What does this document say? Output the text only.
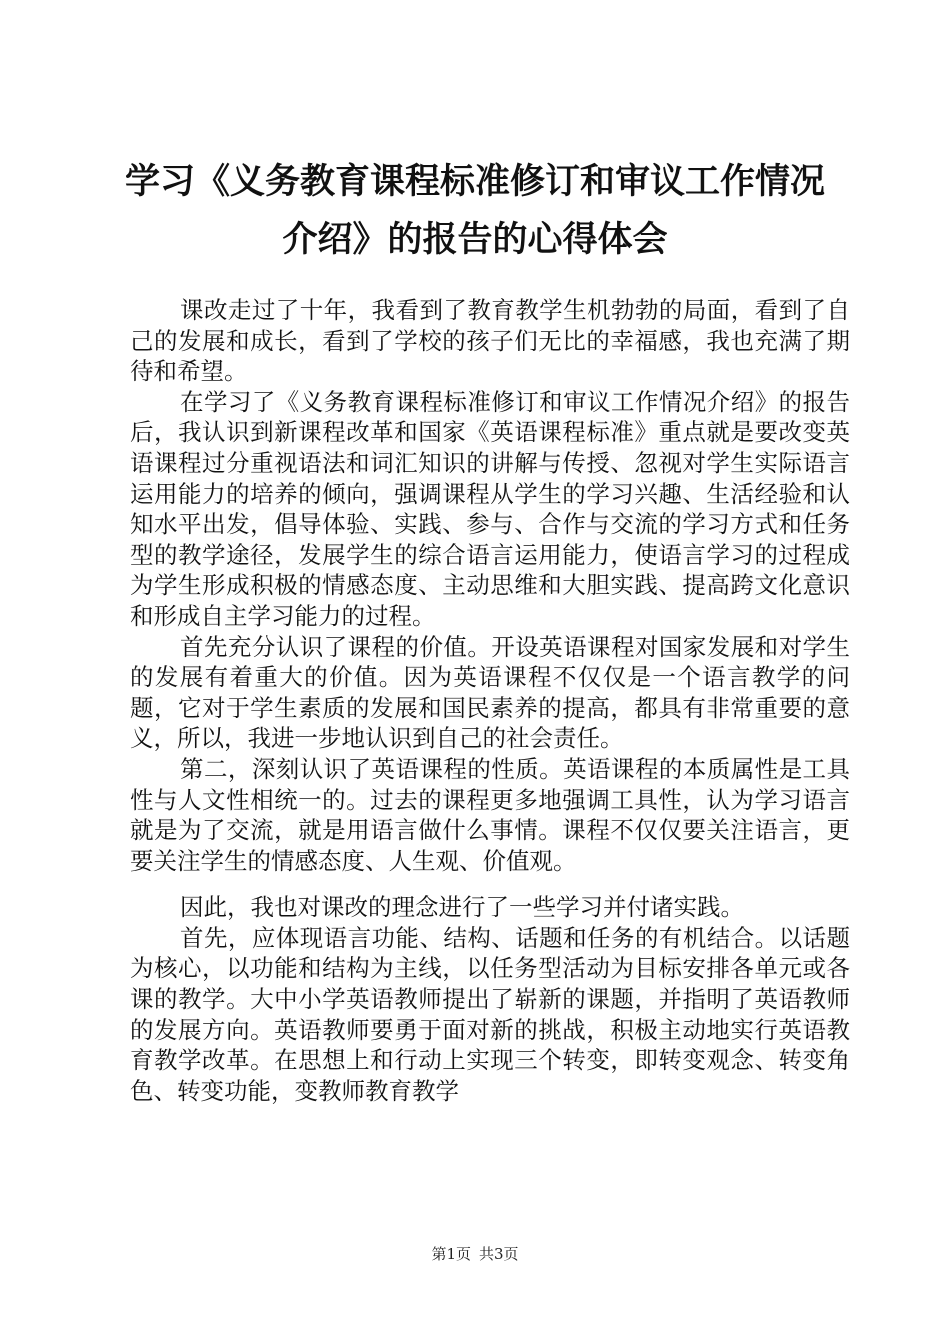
学习《义务教育课程标准修订和审议工作情况
介绍》的报告的心得体会

课改走过了十年，我看到了教育教学生机勃勃的局面，看到了自己的发展和成长，看到了学校的孩子们无比的幸福感，我也充满了期待和希望。

在学习了《义务教育课程标准修订和审议工作情况介绍》的报告后，我认识到新课程改革和国家《英语课程标准》重点就是要改变英语课程过分重视语法和词汇知识的讲解与传授、忽视对学生实际语言运用能力的培养的倾向，强调课程从学生的学习兴趣、生活经验和认知水平出发，倡导体验、实践、参与、合作与交流的学习方式和任务型的教学途径，发展学生的综合语言运用能力，使语言学习的过程成为学生形成积极的情感态度、主动思维和大胆实践、提高跨文化意识和形成自主学习能力的过程。

首先充分认识了课程的价值。开设英语课程对国家发展和对学生的发展有着重大的价值。因为英语课程不仅仅是一个语言教学的问题，它对于学生素质的发展和国民素养的提高，都具有非常重要的意义，所以，我进一步地认识到自己的社会责任。

第二，深刻认识了英语课程的性质。英语课程的本质属性是工具性与人文性相统一的。过去的课程更多地强调工具性，认为学习语言就是为了交流，就是用语言做什么事情。课程不仅仅要关注语言，更要关注学生的情感态度、人生观、价值观。

因此，我也对课改的理念进行了一些学习并付诸实践。

首先，应体现语言功能、结构、话题和任务的有机结合。以话题为核心，以功能和结构为主线，以任务型活动为目标安排各单元或各课的教学。大中小学英语教师提出了崭新的课题，并指明了英语教师的发展方向。英语教师要勇于面对新的挑战，积极主动地实行英语教育教学改革。在思想上和行动上实现三个转变，即转变观念、转变角色、转变功能，变教师教育教学

第1页 共3页
